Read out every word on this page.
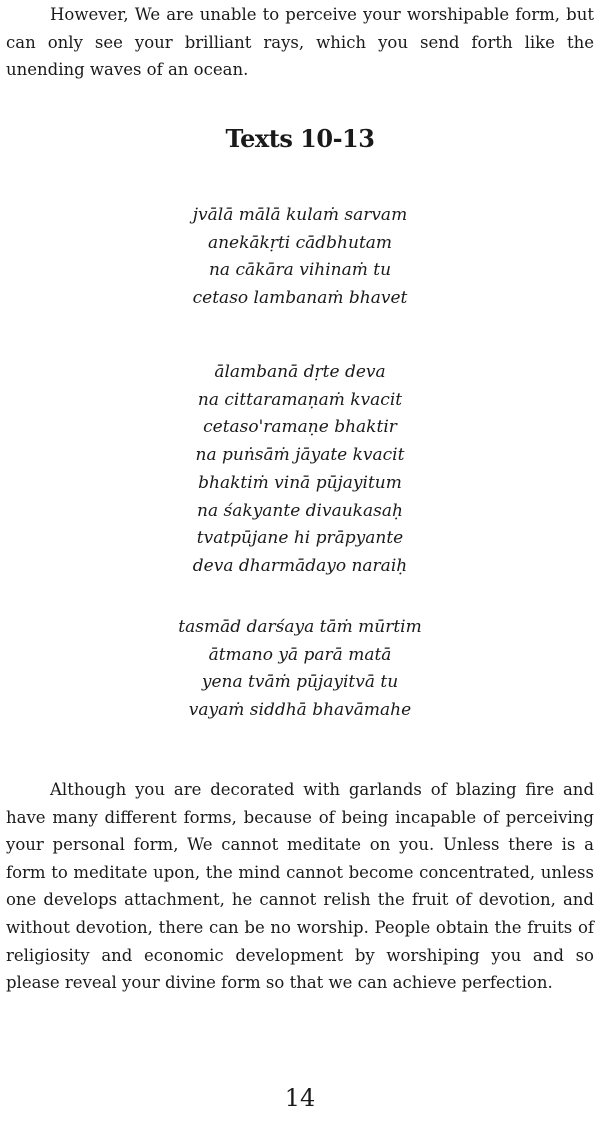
However, We are unable to perceive your worshipable form, but can only see your brilliant rays, which you send forth like the unending waves of an ocean.

Texts 10-13
jvālā mālā kulaṁ sarvam
anekākṛti cādbhutam
na cākāra vihinaṁ tu
cetaso lambanaṁ bhavet
ālambanā dṛte deva
na cittaramaṇaṁ kvacit
cetaso'ramaṇe bhaktir
na puṅsāṁ jāyate kvacit
bhaktiṁ vinā pūjayitum
na śakyante divaukasaḥ
tvatpūjane hi prāpyante
deva dharmādayo naraiḥ
tasmād darśaya tāṁ mūrtim
ātmano yā parā matā
yena tvāṁ pūjayitvā tu
vayaṁ siddhā bhavāmahe

Although you are decorated with garlands of blazing fire and have many different forms, because of being incapable of perceiving your personal form, We cannot meditate on you. Unless there is a form to meditate upon, the mind cannot become concentrated, unless one develops attachment, he cannot relish the fruit of devotion, and without devotion, there can be no worship. People obtain the fruits of religiosity and economic development by worshiping you and so please reveal your divine form so that we can achieve perfection.

14
